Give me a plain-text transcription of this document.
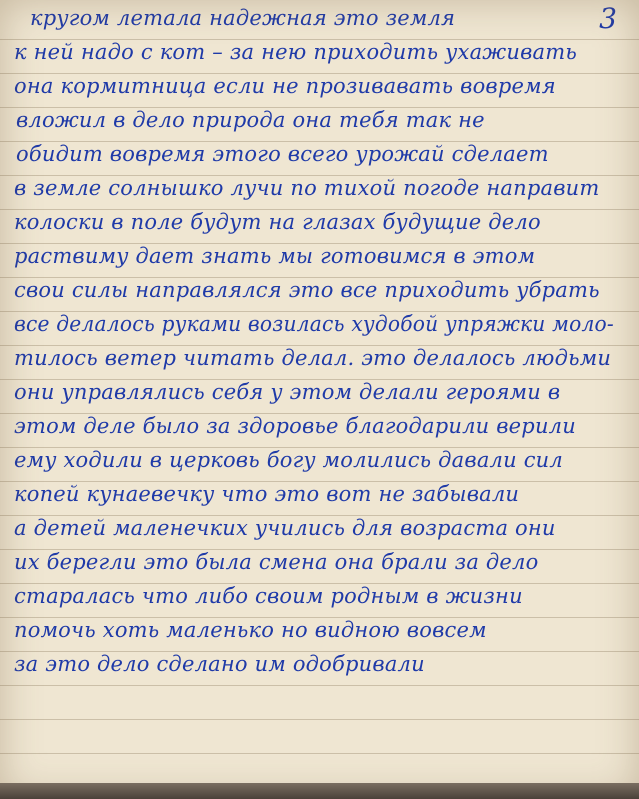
3
кругом летала надежная это земля
к ней надо с кот – за нею приходить ухаживать
она кормитница если не прозивавать вовремя
вложил в дело природа она тебя так не
обидит вовремя этого всего урожай сделает
в земле солнышко лучи по тихой погоде направит
колоски в поле будут на глазах будущие дело
раствиму дает знать мы готовимся в этом
свои силы направлялся это все приходить убрать
все делалось руками возилась худобой упряжки моло-
тилось ветер читать делал. это делалось людьми
они управлялись себя у этом делали героями в
этом деле было за здоровье благодарили верили
ему ходили в церковь богу молились давали сил
копей кунаевечку что это вот не забывали
а детей маленечких учились для возраста они
их берегли это была смена она брали за дело
старалась что либо своим родным в жизни
помочь хоть маленько но видною вовсем
за это дело сделано им одобривали
